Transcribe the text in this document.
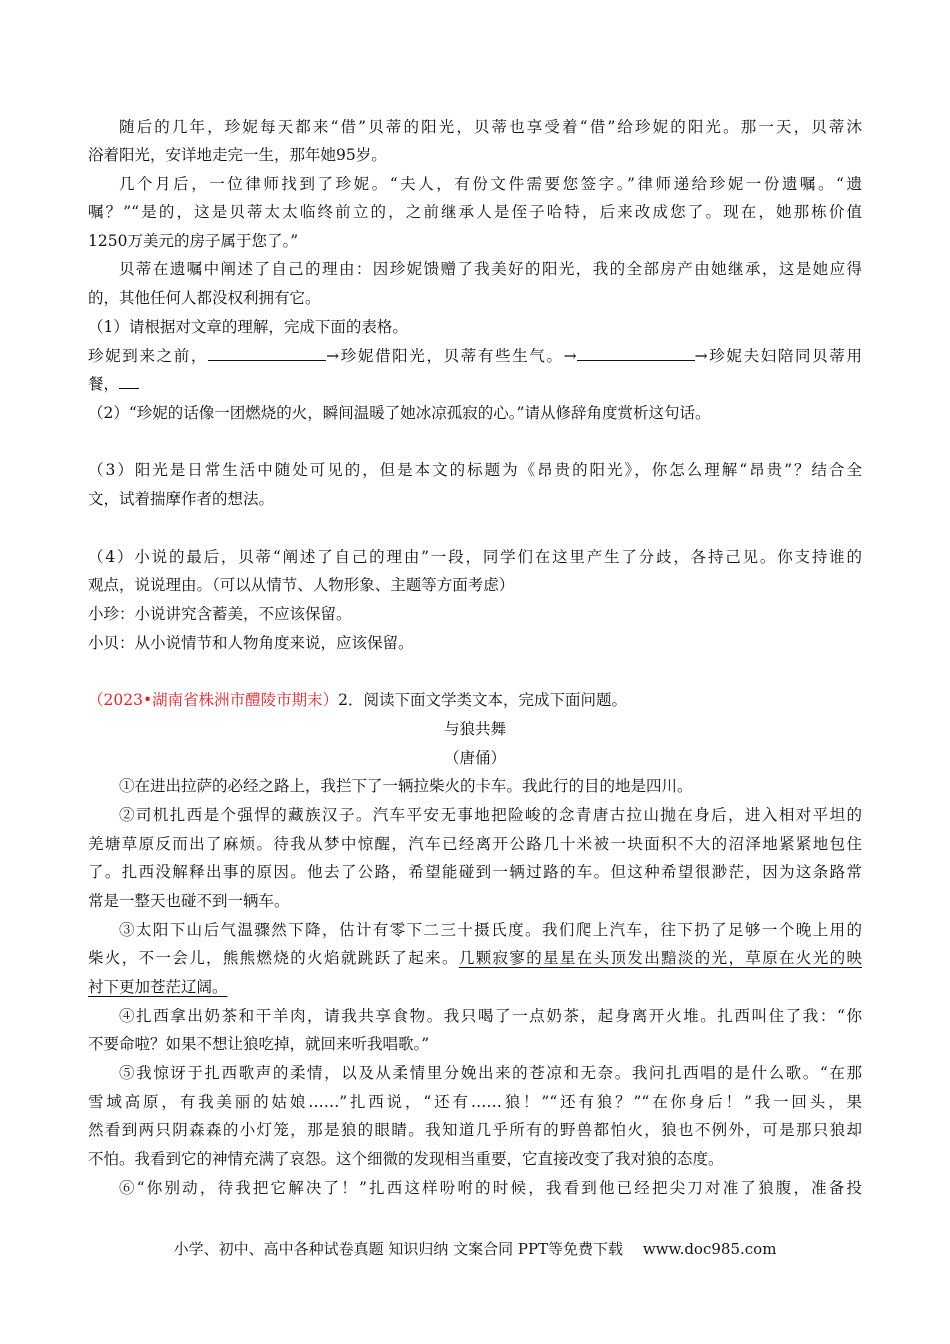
随后的几年，珍妮每天都来“借”贝蒂的阳光，贝蒂也享受着“借”给珍妮的阳光。那一天，贝蒂沐
浴着阳光，安详地走完一生，那年她95岁。
几个月后，一位律师找到了珍妮。“夫人，有份文件需要您签字。”律师递给珍妮一份遗嘱。“遗
嘱？”“是的，这是贝蒂太太临终前立的，之前继承人是侄子哈特，后来改成您了。现在，她那栋价值
1250万美元的房子属于您了。”
贝蒂在遗嘱中阐述了自己的理由：因珍妮馈赠了我美好的阳光，我的全部房产由她继承，这是她应得
的，其他任何人都没权利拥有它。
（1）请根据对文章的理解，完成下面的表格。
珍妮到来之前，	→珍妮借阳光，贝蒂有些生气。→	→珍妮夫妇陪同贝蒂用
餐，
（2）“珍妮的话像一团燃烧的火，瞬间温暖了她冰凉孤寂的心。”请从修辞角度赏析这句话。
（3）阳光是日常生活中随处可见的，但是本文的标题为《昂贵的阳光》，你怎么理解“昂贵”？结合全
文，试着揣摩作者的想法。
（4）小说的最后，贝蒂“阐述了自己的理由”一段，同学们在这里产生了分歧，各持己见。你支持谁的
观点，说说理由。（可以从情节、人物形象、主题等方面考虑）
小珍：小说讲究含蓄美，不应该保留。
小贝：从小说情节和人物角度来说，应该保留。
（2023•湖南省株洲市醴陵市期末）2．阅读下面文学类文本，完成下面问题。
与狼共舞
（唐俑）
①在进出拉萨的必经之路上，我拦下了一辆拉柴火的卡车。我此行的目的地是四川。
②司机扎西是个强悍的藏族汉子。汽车平安无事地把险峻的念青唐古拉山抛在身后，进入相对平坦的
羌塘草原反而出了麻烦。待我从梦中惊醒，汽车已经离开公路几十米被一块面积不大的沼泽地紧紧地包住
了。扎西没解释出事的原因。他去了公路，希望能碰到一辆过路的车。但这种希望很渺茫，因为这条路常
常是一整天也碰不到一辆车。
③太阳下山后气温骤然下降，估计有零下二三十摄氏度。我们爬上汽车，往下扔了足够一个晚上用的
柴火，不一会儿，熊熊燃烧的火焰就跳跃了起来。几颗寂寥的星星在头顶发出黯淡的光，草原在火光的映
衬下更加苍茫辽阔。
④扎西拿出奶茶和干羊肉，请我共享食物。我只喝了一点奶茶，起身离开火堆。扎西叫住了我：“你
不要命啦？如果不想让狼吃掉，就回来听我唱歌。”
⑤我惊讶于扎西歌声的柔情，以及从柔情里分娩出来的苍凉和无奈。我问扎西唱的是什么歌。“在那
雪域高原，有我美丽的姑娘……”扎西说，“还有……狼！”“还有狼？”“在你身后！”我一回头，果
然看到两只阴森森的小灯笼，那是狼的眼睛。我知道几乎所有的野兽都怕火，狼也不例外，可是那只狼却
不怕。我看到它的神情充满了哀怨。这个细微的发现相当重要，它直接改变了我对狼的态度。
⑥“你别动，待我把它解决了！”扎西这样吩咐的时候，我看到他已经把尖刀对准了狼腹，准备投
小学、初中、高中各种试卷真题 知识归纳 文案合同 PPT等免费下载　 www.doc985.com
